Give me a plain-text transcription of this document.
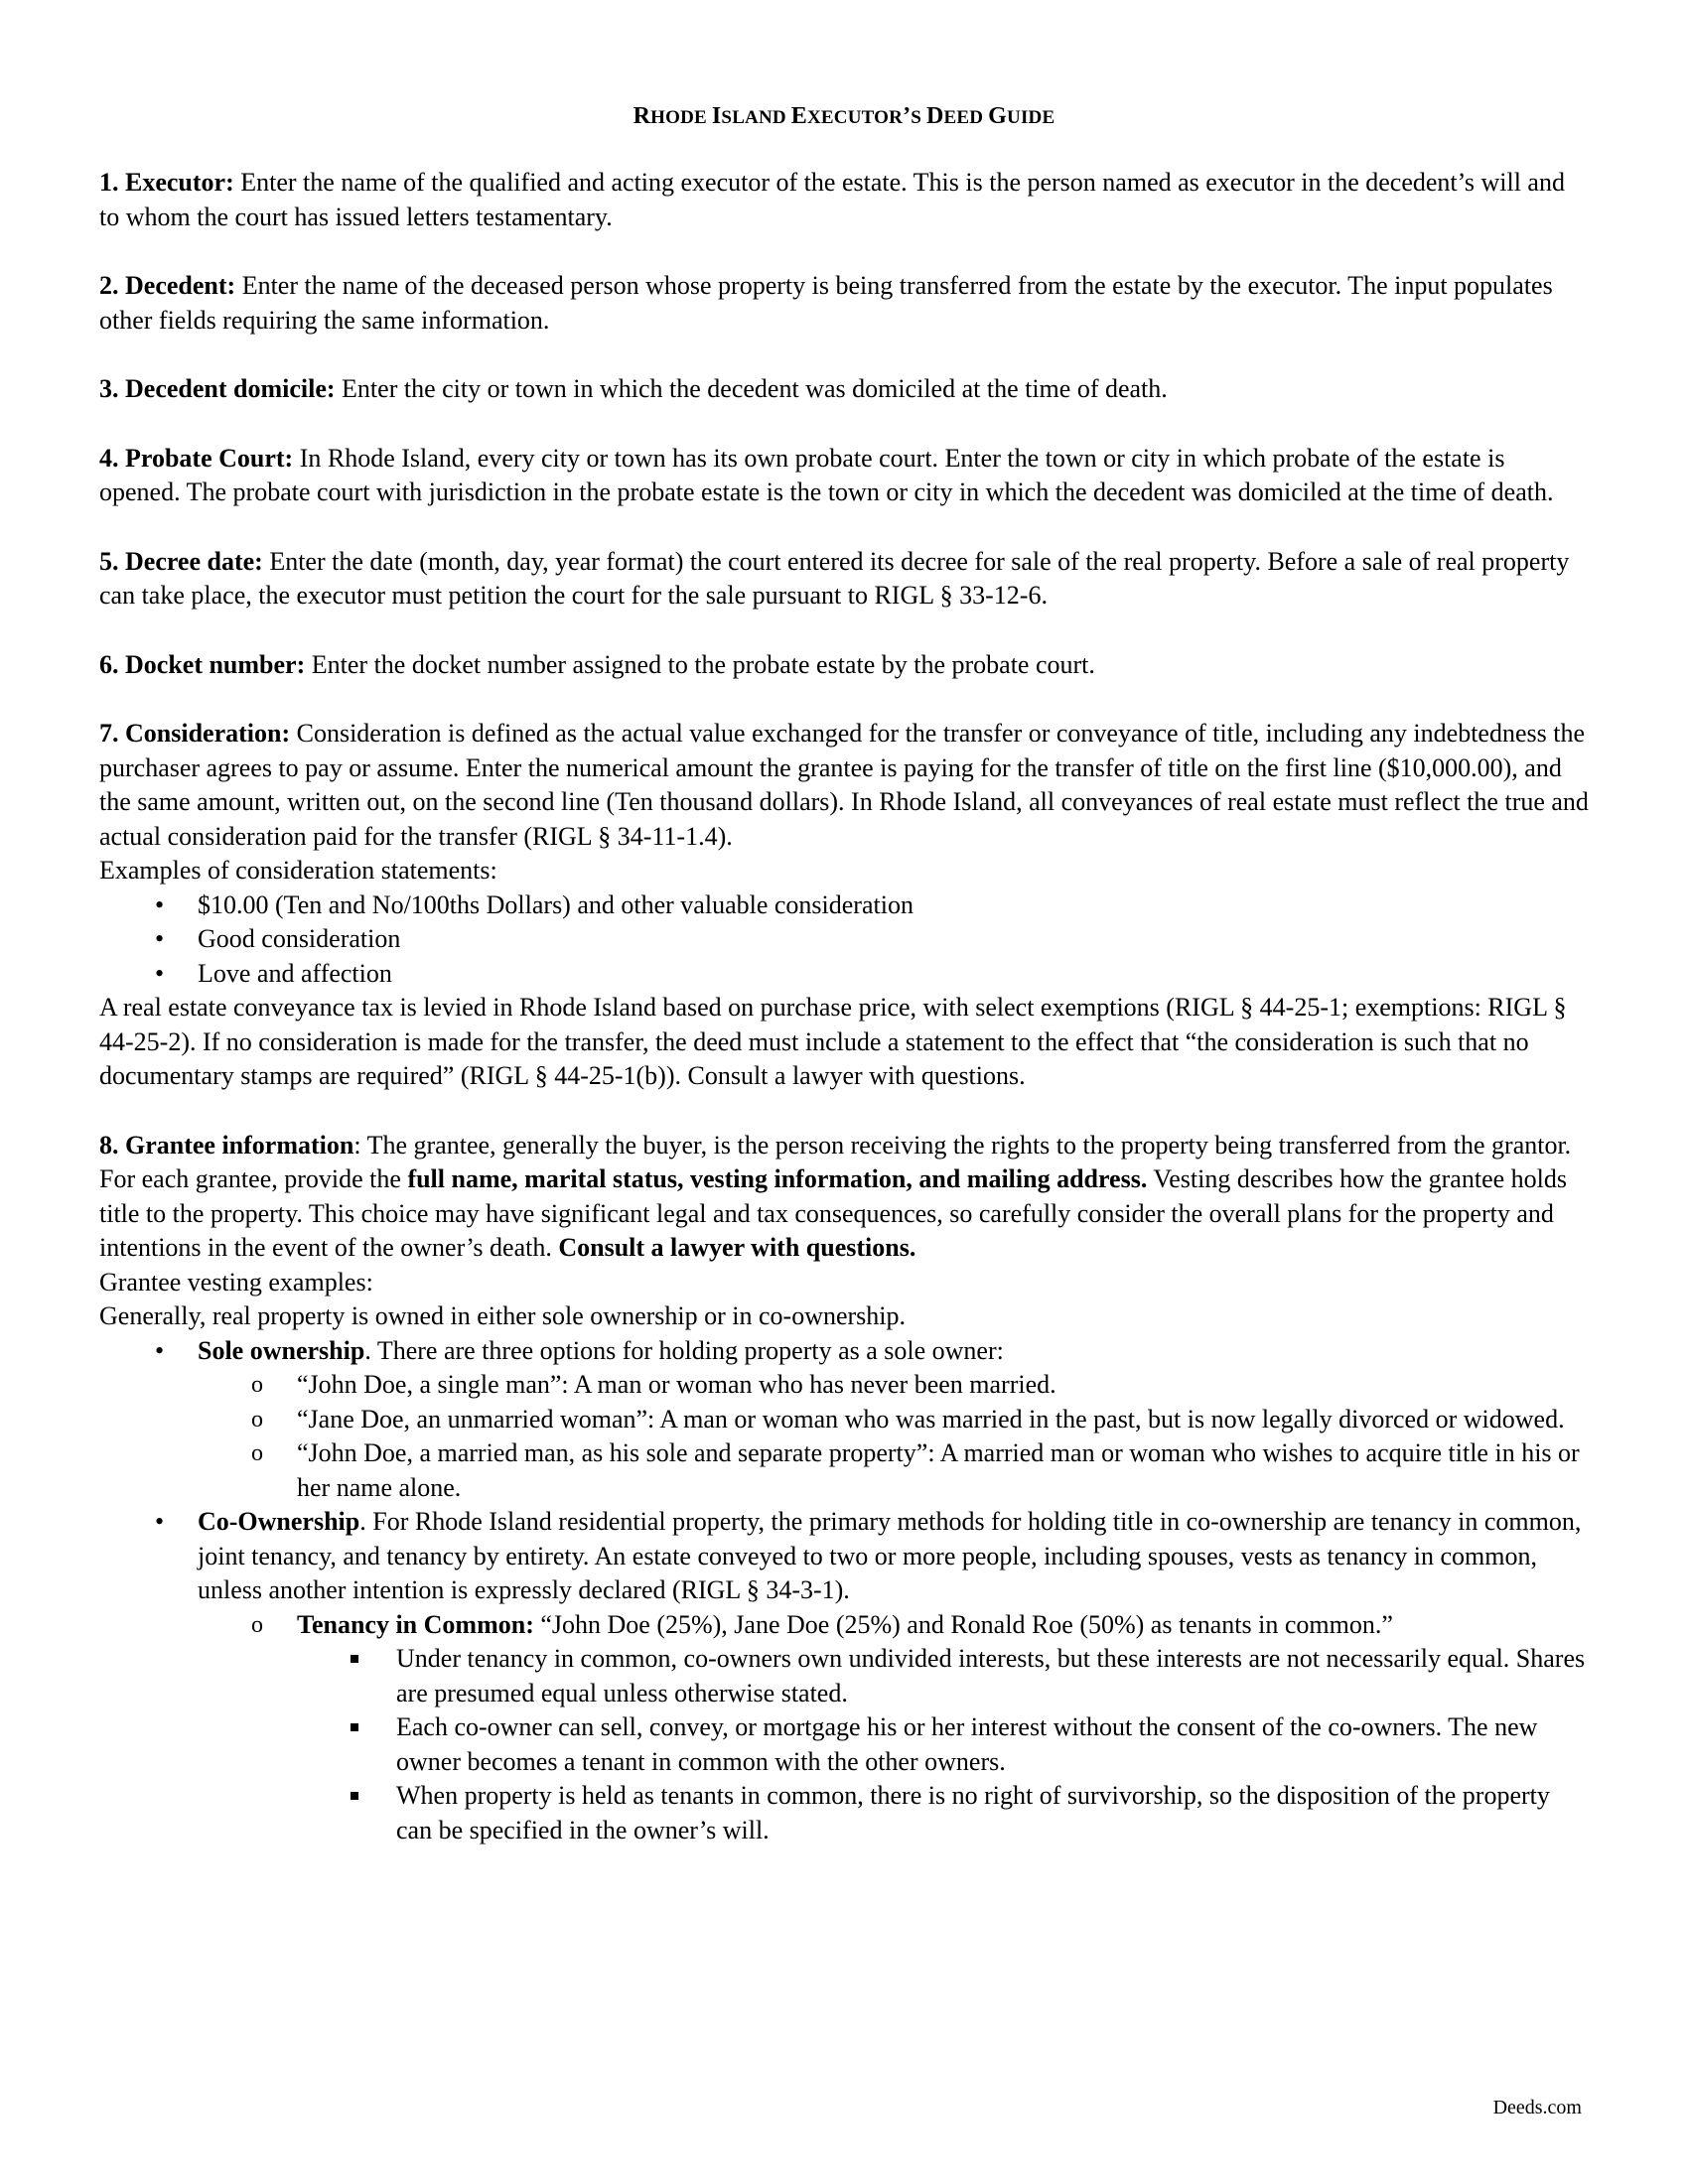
RHODE ISLAND EXECUTOR’S DEED GUIDE

1. Executor: Enter the name of the qualified and acting executor of the estate. This is the person named as executor in the decedent’s will and to whom the court has issued letters testamentary.

2. Decedent: Enter the name of the deceased person whose property is being transferred from the estate by the executor. The input populates other fields requiring the same information.

3. Decedent domicile: Enter the city or town in which the decedent was domiciled at the time of death.

4. Probate Court: In Rhode Island, every city or town has its own probate court. Enter the town or city in which probate of the estate is opened. The probate court with jurisdiction in the probate estate is the town or city in which the decedent was domiciled at the time of death.

5. Decree date: Enter the date (month, day, year format) the court entered its decree for sale of the real property. Before a sale of real property can take place, the executor must petition the court for the sale pursuant to RIGL § 33-12-6.

6. Docket number: Enter the docket number assigned to the probate estate by the probate court.

7. Consideration: Consideration is defined as the actual value exchanged for the transfer or conveyance of title, including any indebtedness the purchaser agrees to pay or assume. Enter the numerical amount the grantee is paying for the transfer of title on the first line ($10,000.00), and the same amount, written out, on the second line (Ten thousand dollars). In Rhode Island, all conveyances of real estate must reflect the true and actual consideration paid for the transfer (RIGL § 34-11-1.4).

Examples of consideration statements:

• $10.00 (Ten and No/100ths Dollars) and other valuable consideration
• Good consideration
• Love and affection

A real estate conveyance tax is levied in Rhode Island based on purchase price, with select exemptions (RIGL § 44-25-1; exemptions: RIGL § 44-25-2). If no consideration is made for the transfer, the deed must include a statement to the effect that “the consideration is such that no documentary stamps are required” (RIGL § 44-25-1(b)). Consult a lawyer with questions.

8. Grantee information: The grantee, generally the buyer, is the person receiving the rights to the property being transferred from the grantor. For each grantee, provide the full name, marital status, vesting information, and mailing address. Vesting describes how the grantee holds title to the property. This choice may have significant legal and tax consequences, so carefully consider the overall plans for the property and intentions in the event of the owner’s death. Consult a lawyer with questions.

Grantee vesting examples:

Generally, real property is owned in either sole ownership or in co-ownership.

• Sole ownership. There are three options for holding property as a sole owner:
o “John Doe, a single man”: A man or woman who has never been married.
o “Jane Doe, an unmarried woman”: A man or woman who was married in the past, but is now legally divorced or widowed.
o “John Doe, a married man, as his sole and separate property”: A married man or woman who wishes to acquire title in his or her name alone.
• Co-Ownership. For Rhode Island residential property, the primary methods for holding title in co-ownership are tenancy in common, joint tenancy, and tenancy by entirety. An estate conveyed to two or more people, including spouses, vests as tenancy in common, unless another intention is expressly declared (RIGL § 34-3-1).
o Tenancy in Common: “John Doe (25%), Jane Doe (25%) and Ronald Roe (50%) as tenants in common.”
Under tenancy in common, co-owners own undivided interests, but these interests are not necessarily equal. Shares are presumed equal unless otherwise stated.
Each co-owner can sell, convey, or mortgage his or her interest without the consent of the co-owners. The new owner becomes a tenant in common with the other owners.
When property is held as tenants in common, there is no right of survivorship, so the disposition of the property can be specified in the owner’s will.
Deeds.com
